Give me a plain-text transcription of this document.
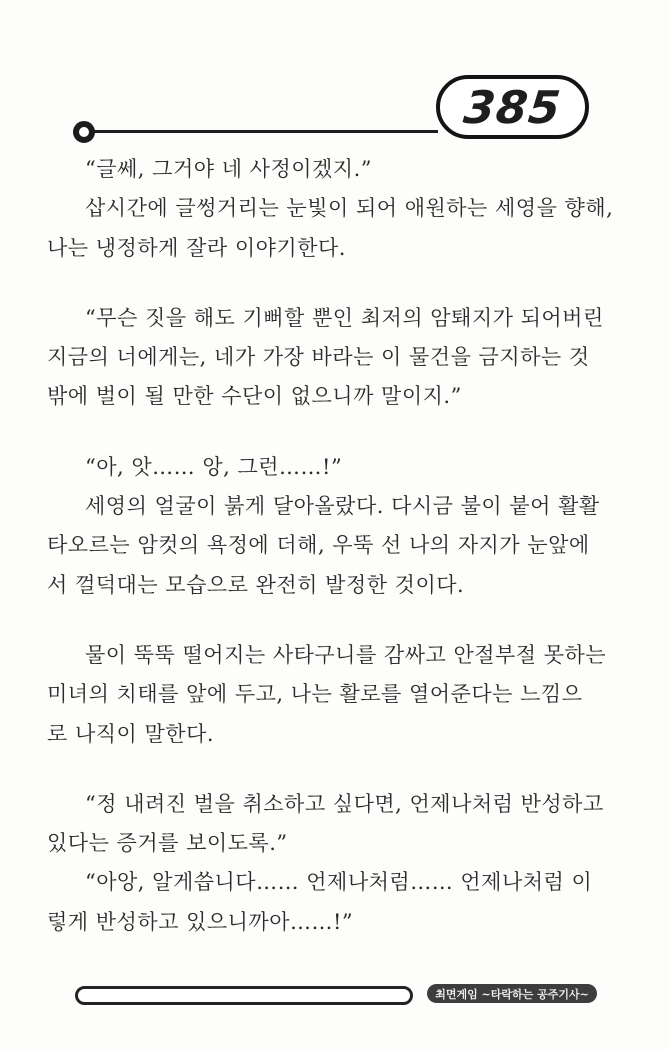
385
“글쎄, 그거야 네 사정이겠지.”
삽시간에 글썽거리는 눈빛이 되어 애원하는 세영을 향해,
나는 냉정하게 잘라 이야기한다.
“무슨 짓을 해도 기뻐할 뿐인 최저의 암퇘지가 되어버린
지금의 너에게는, 네가 가장 바라는 이 물건을 금지하는 것
밖에 벌이 될 만한 수단이 없으니까 말이지.”
“아, 앗…… 앙, 그런……!”
세영의 얼굴이 붉게 달아올랐다. 다시금 불이 붙어 활활
타오르는 암컷의 욕정에 더해, 우뚝 선 나의 자지가 눈앞에
서 껄덕대는 모습으로 완전히 발정한 것이다.
물이 뚝뚝 떨어지는 사타구니를 감싸고 안절부절 못하는
미녀의 치태를 앞에 두고, 나는 활로를 열어준다는 느낌으
로 나직이 말한다.
“정 내려진 벌을 취소하고 싶다면, 언제나처럼 반성하고
있다는 증거를 보이도록.”
“아앙, 알게씁니다…… 언제나처럼…… 언제나처럼 이
렇게 반성하고 있으니까아……!”
최면게임 ~타락하는 공주기사~
